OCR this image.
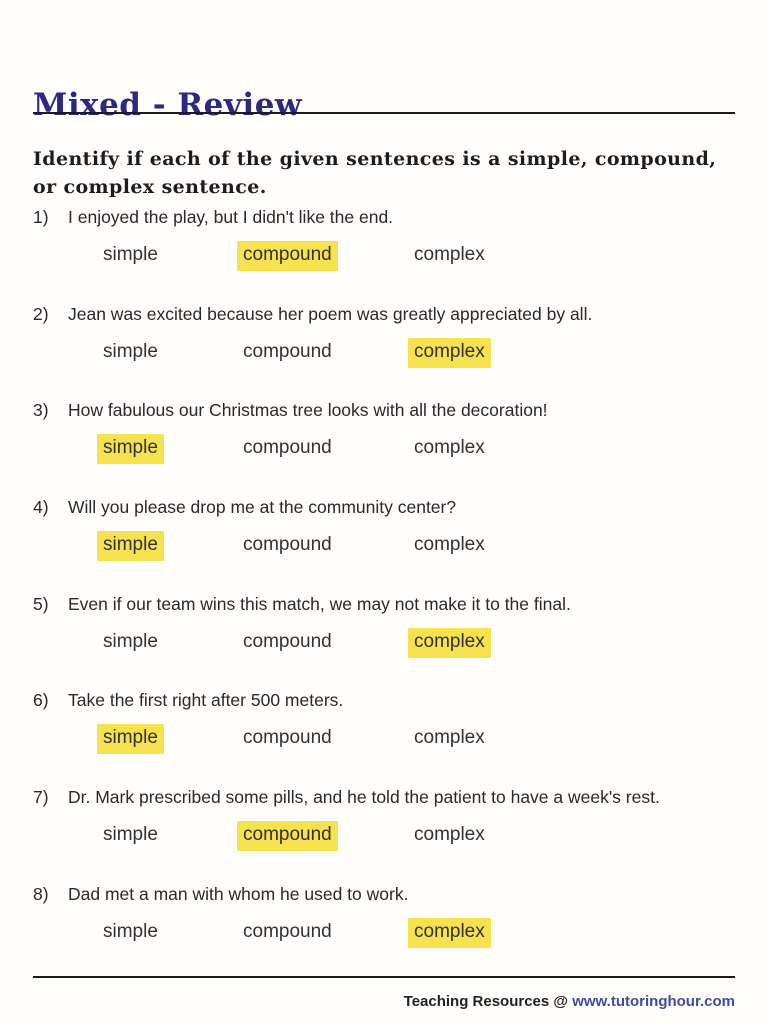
Mixed - Review

Identify if each of the given sentences is a simple, compound, or complex sentence.

1)	I enjoyed the play, but I didn't like the end.
simple	compound	complex
2)	Jean was excited because her poem was greatly appreciated by all.
simple	compound	complex
3)	How fabulous our Christmas tree looks with all the decoration!
simple	compound	complex
4)	Will you please drop me at the community center?
simple	compound	complex
5)	Even if our team wins this match, we may not make it to the final.
simple	compound	complex
6)	Take the first right after 500 meters.
simple	compound	complex
7)	Dr. Mark prescribed some pills, and he told the patient to have a week's rest.
simple	compound	complex
8)	Dad met a man with whom he used to work.
simple	compound	complex
Teaching Resources @ www.tutoringhour.com
